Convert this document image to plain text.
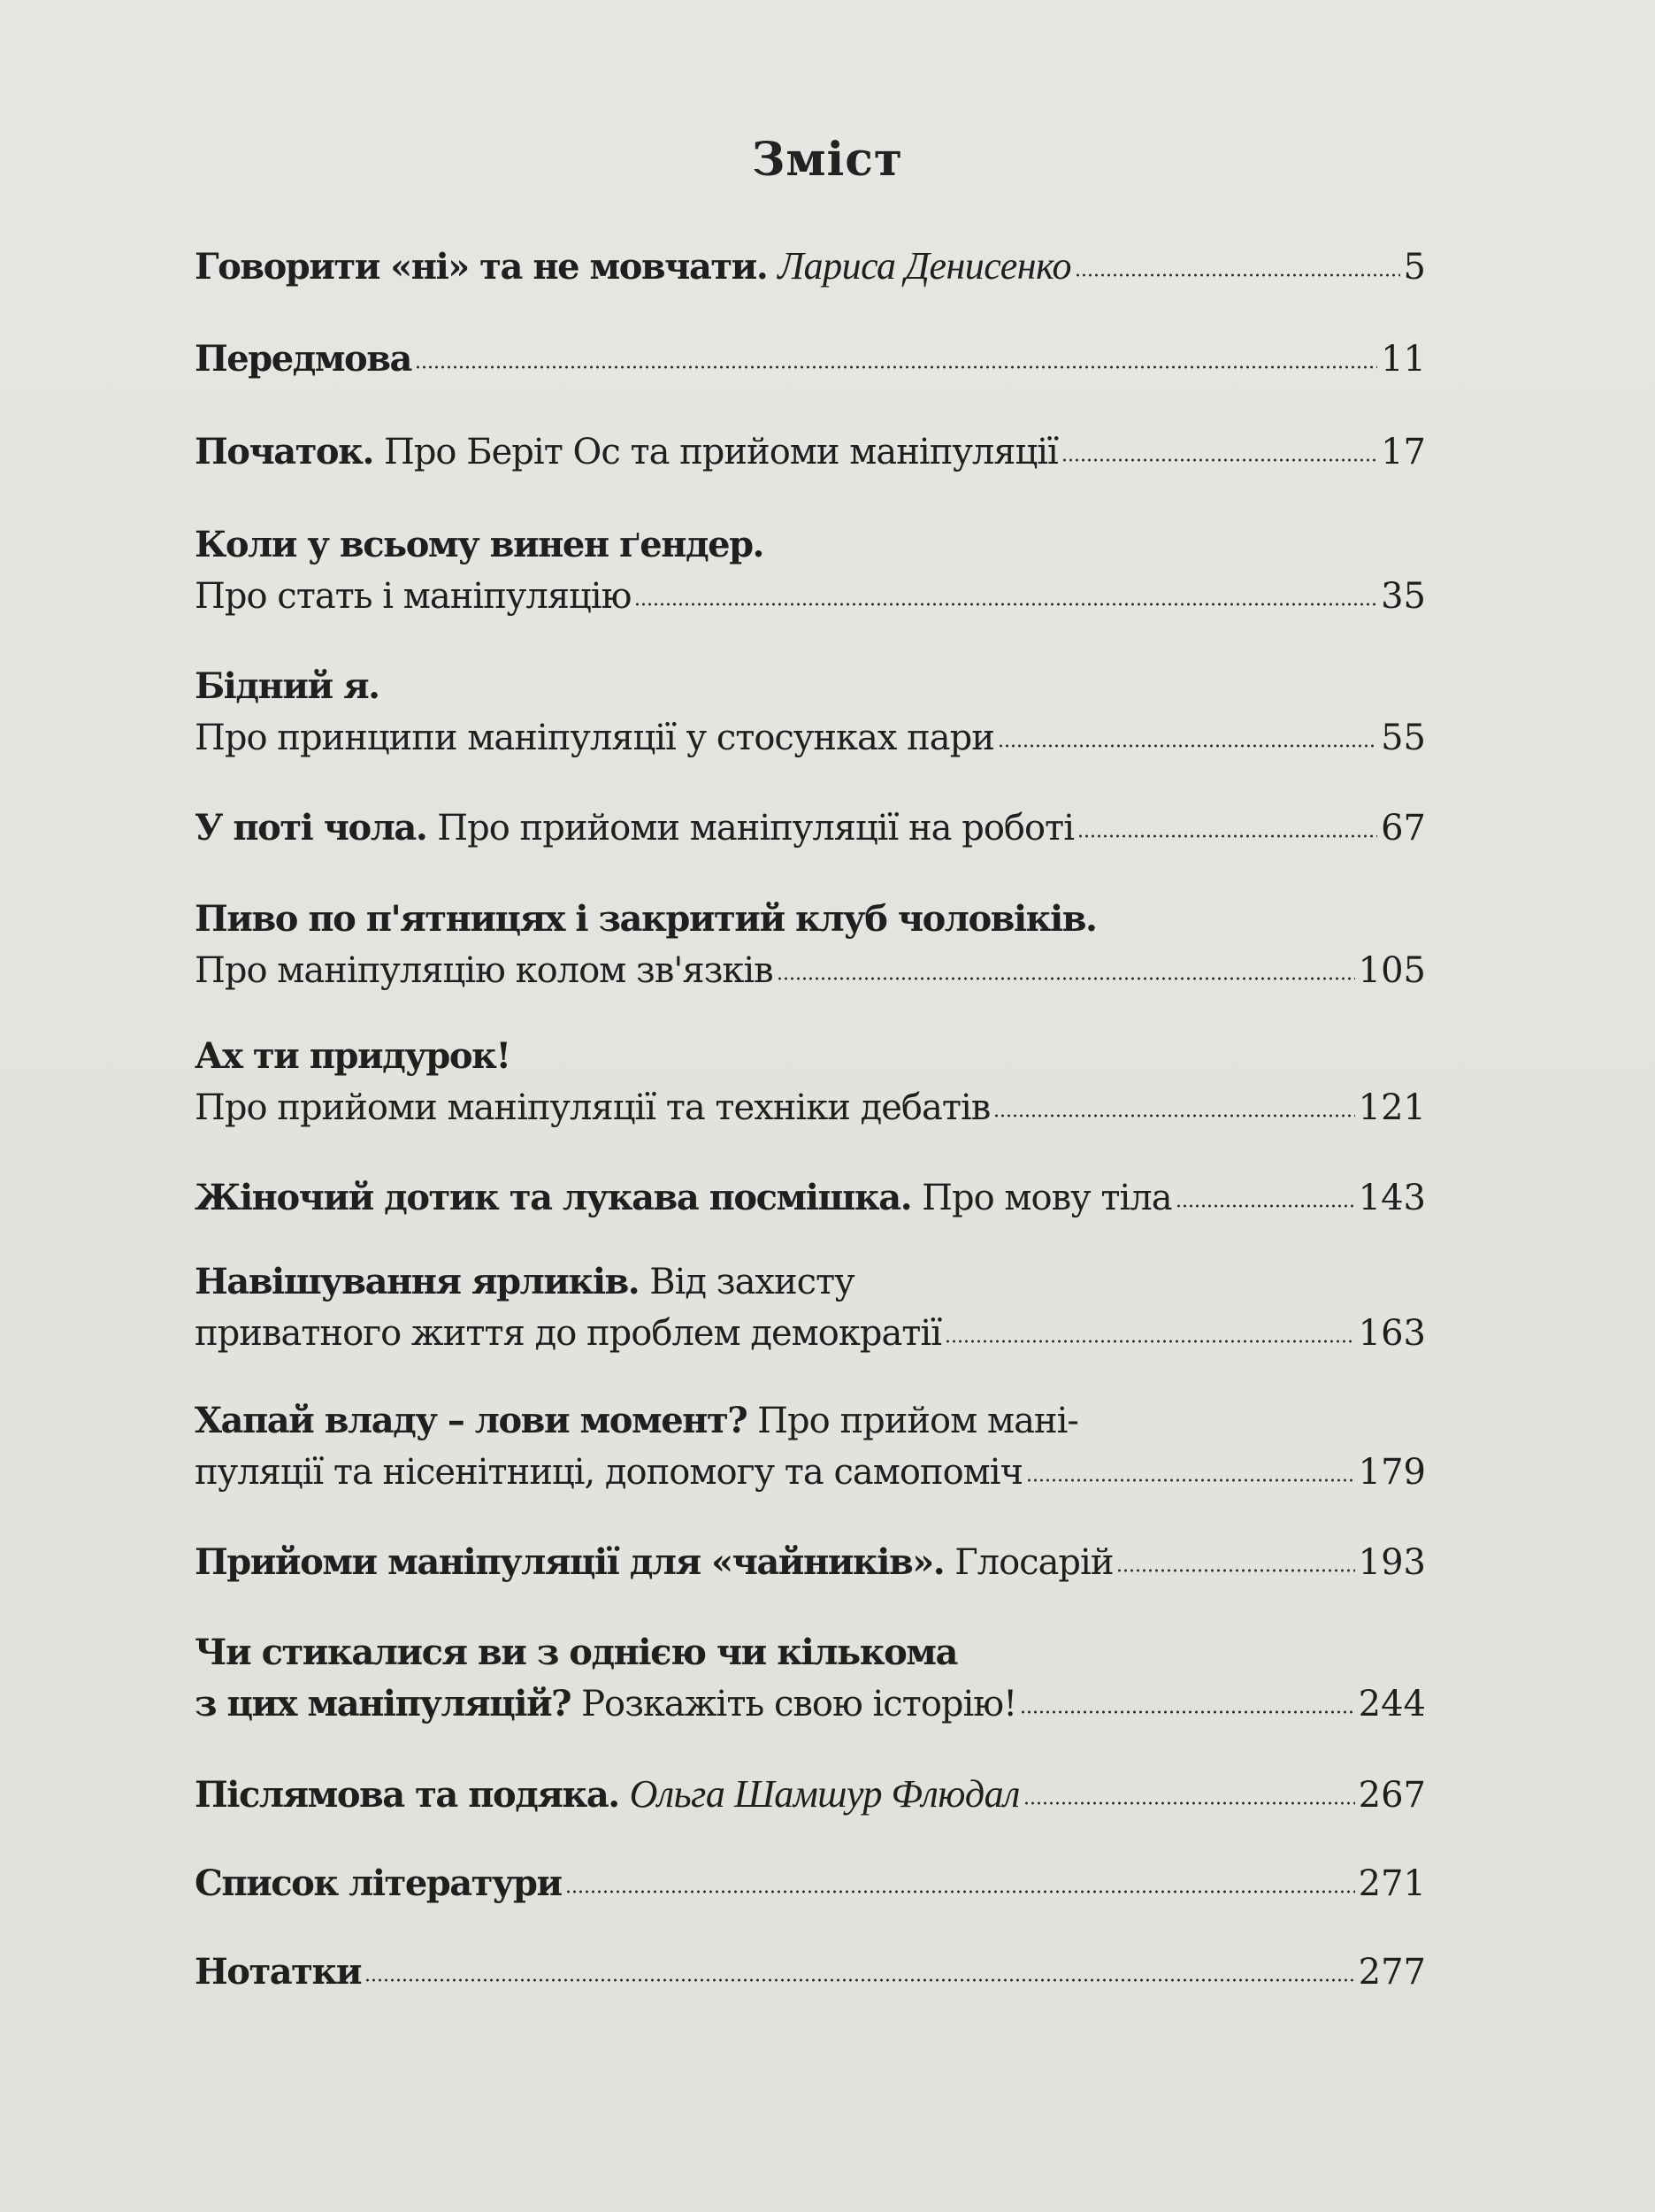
Зміст
Говорити «ні» та не мовчати. Лариса Денисенко	5
Передмова	11
Початок. Про Беріт Ос та прийоми маніпуляції	17
Коли у всьому винен ґендер.
Про стать і маніпуляцію	35
Бідний я.
Про принципи маніпуляції у стосунках пари	55
У поті чола. Про прийоми маніпуляції на роботі	67
Пиво по п'ятницях і закритий клуб чоловіків.
Про маніпуляцію колом зв'язків	105
Ах ти придурок!
Про прийоми маніпуляції та техніки дебатів	121
Жіночий дотик та лукава посмішка. Про мову тіла	143
Навішування ярликів. Від захисту
приватного життя до проблем демократії	163
Хапай владу – лови момент? Про прийом мані-
пуляції та нісенітниці, допомогу та самопоміч	179
Прийоми маніпуляції для «чайників». Глосарій	193
Чи стикалися ви з однією чи кількома
з цих маніпуляцій? Розкажіть свою історію!	244
Післямова та подяка. Ольга Шамшур Флюдал	267
Список літератури	271
Нотатки	277
